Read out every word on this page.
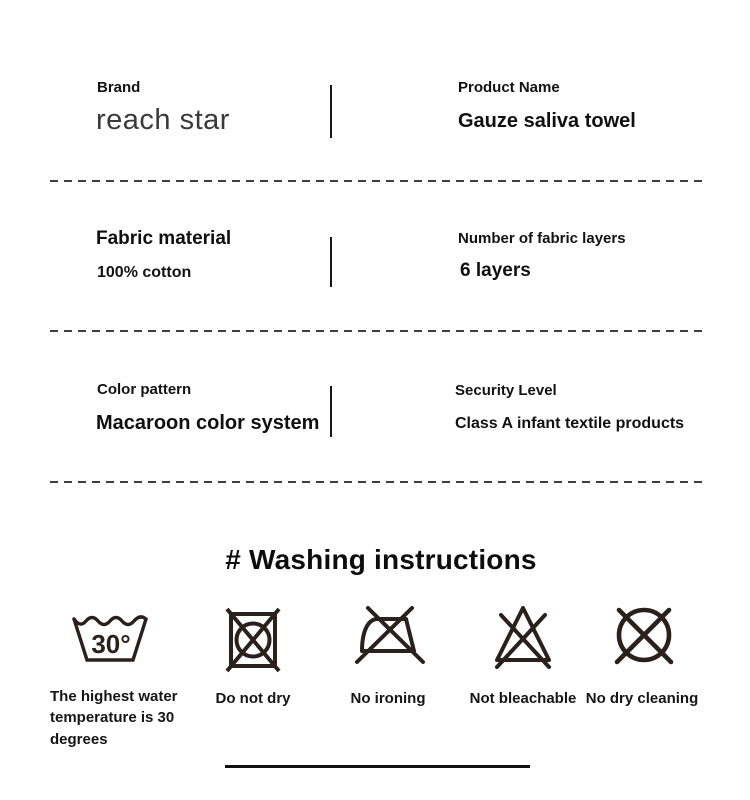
Brand
reach star
Product Name
Gauze saliva towel
Fabric material
100% cotton
Number of fabric layers
6 layers
Color pattern
Macaroon color system
Security Level
Class A infant textile products
# Washing instructions
30°
The highest water temperature is 30 degrees
Do not dry	No ironing	Not bleachable No dry cleaning
